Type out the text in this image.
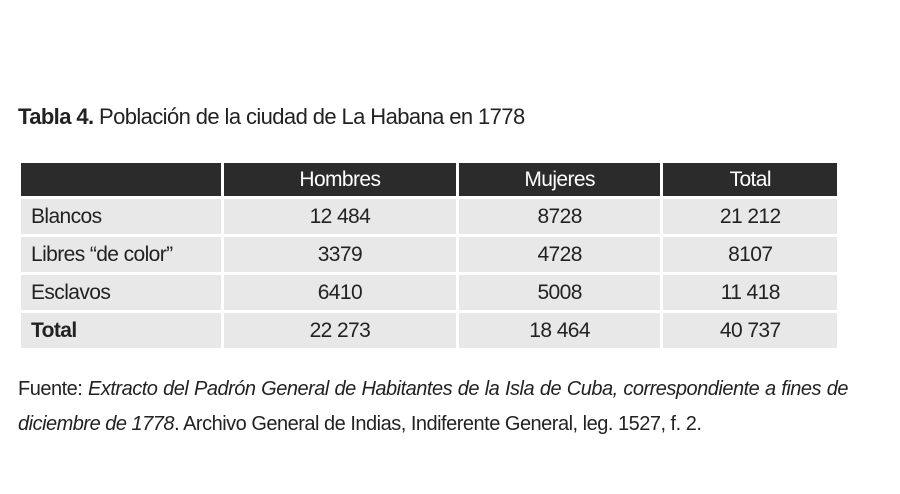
Tabla 4. Población de la ciudad de La Habana en 1778
	Hombres	Mujeres	Total
Blancos	12 484	8728	21 212
Libres “de color”	3379	4728	8107
Esclavos	6410	5008	11 418
Total	22 273	18 464	40 737
Fuente: Extracto del Padrón General de Habitantes de la Isla de Cuba, correspondiente a fines de diciembre de 1778. Archivo General de Indias, Indiferente General, leg. 1527, f. 2.
